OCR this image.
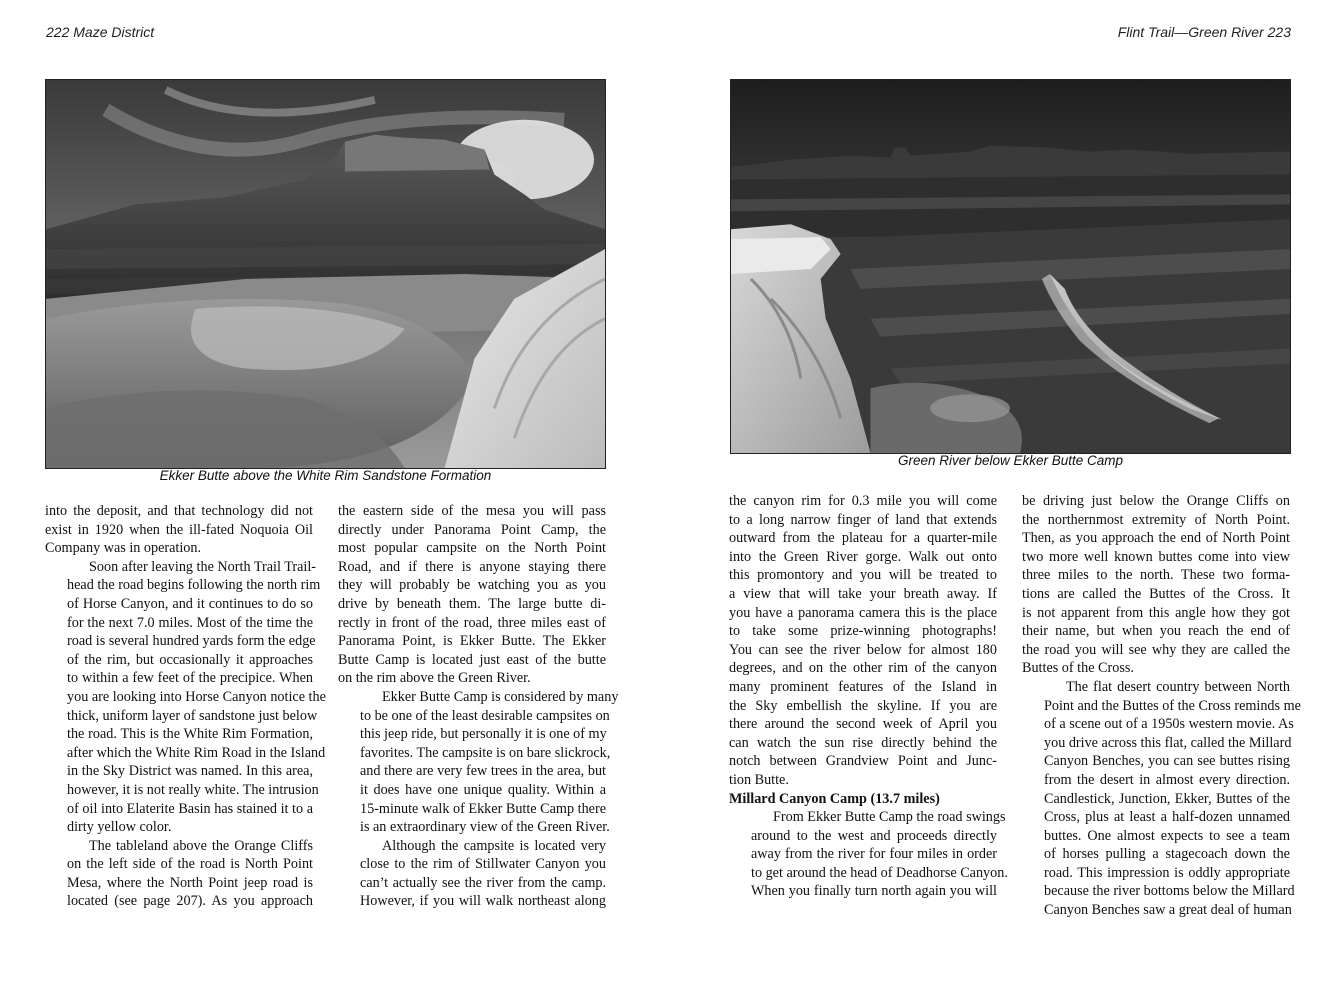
222 Maze District
Ekker Butte above the White Rim Sandstone Formation

into the deposit, and that technology did not
exist in 1920 when the ill-fated Noquoia Oil
Company was in operation.

Soon after leaving the North Trail Trail-
head the road begins following the north rim
of Horse Canyon, and it continues to do so
for the next 7.0 miles. Most of the time the
road is several hundred yards form the edge
of the rim, but occasionally it approaches
to within a few feet of the precipice. When
you are looking into Horse Canyon notice the
thick, uniform layer of sandstone just below
the road. This is the White Rim Formation,
after which the White Rim Road in the Island
in the Sky District was named. In this area,
however, it is not really white. The intrusion
of oil into Elaterite Basin has stained it to a
dirty yellow color.

The tableland above the Orange Cliffs
on the left side of the road is North Point
Mesa, where the North Point jeep road is
located (see page 207). As you approach

the eastern side of the mesa you will pass
directly under Panorama Point Camp, the
most popular campsite on the North Point
Road, and if there is anyone staying there
they will probably be watching you as you
drive by beneath them. The large butte di-
rectly in front of the road, three miles east of
Panorama Point, is Ekker Butte. The Ekker
Butte Camp is located just east of the butte
on the rim above the Green River.

Ekker Butte Camp is considered by many
to be one of the least desirable campsites on
this jeep ride, but personally it is one of my
favorites. The campsite is on bare slickrock,
and there are very few trees in the area, but
it does have one unique quality. Within a
15-minute walk of Ekker Butte Camp there
is an extraordinary view of the Green River.

Although the campsite is located very
close to the rim of Stillwater Canyon you
can’t actually see the river from the camp.
However, if you will walk northeast along

Flint Trail—Green River 223
Green River below Ekker Butte Camp

the canyon rim for 0.3 mile you will come
to a long narrow finger of land that extends
outward from the plateau for a quarter-mile
into the Green River gorge. Walk out onto
this promontory and you will be treated to
a view that will take your breath away. If
you have a panorama camera this is the place
to take some prize-winning photographs!
You can see the river below for almost 180
degrees, and on the other rim of the canyon
many prominent features of the Island in
the Sky embellish the skyline. If you are
there around the second week of April you
can watch the sun rise directly behind the
notch between Grandview Point and Junc-
tion Butte.

Millard Canyon Camp (13.7 miles)

From Ekker Butte Camp the road swings
around to the west and proceeds directly
away from the river for four miles in order
to get around the head of Deadhorse Canyon.
When you finally turn north again you will

be driving just below the Orange Cliffs on
the northernmost extremity of North Point.
Then, as you approach the end of North Point
two more well known buttes come into view
three miles to the north. These two forma-
tions are called the Buttes of the Cross. It
is not apparent from this angle how they got
their name, but when you reach the end of
the road you will see why they are called the
Buttes of the Cross.

The flat desert country between North
Point and the Buttes of the Cross reminds me
of a scene out of a 1950s western movie. As
you drive across this flat, called the Millard
Canyon Benches, you can see buttes rising
from the desert in almost every direction.
Candlestick, Junction, Ekker, Buttes of the
Cross, plus at least a half-dozen unnamed
buttes. One almost expects to see a team
of horses pulling a stagecoach down the
road. This impression is oddly appropriate
because the river bottoms below the Millard
Canyon Benches saw a great deal of human
